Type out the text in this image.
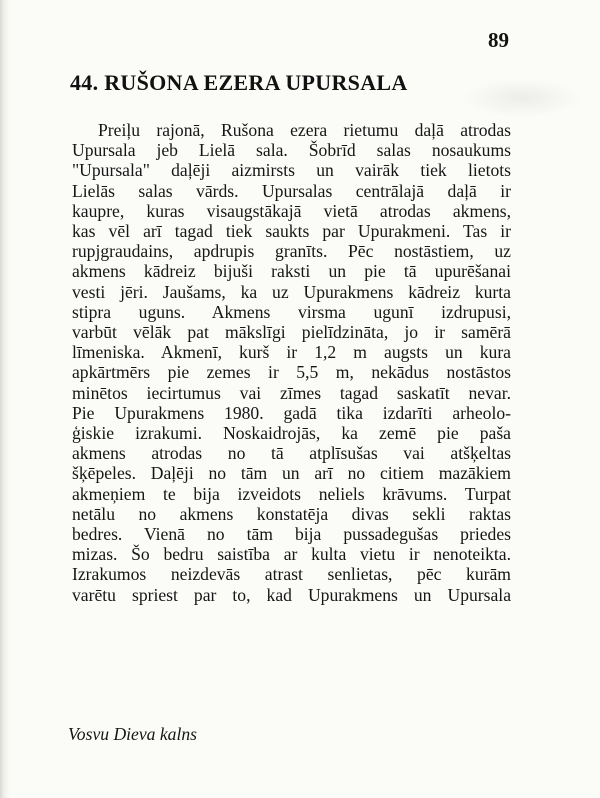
89
44. RUŠONA EZERA UPURSALA
Preiļu rajonā, Rušona ezera rietumu daļā atrodas
Upursala jeb Lielā sala. Šobrīd salas nosaukums
"Upursala" daļēji aizmirsts un vairāk tiek lietots
Lielās salas vārds. Upursalas centrālajā daļā ir
kaupre, kuras visaugstākajā vietā atrodas akmens,
kas vēl arī tagad tiek saukts par Upurakmeni. Tas ir
rupjgraudains, apdrupis granīts. Pēc nostāstiem, uz
akmens kādreiz bijuši raksti un pie tā upurēšanai
vesti jēri. Jaušams, ka uz Upurakmens kādreiz kurta
stipra uguns. Akmens virsma ugunī izdrupusi,
varbūt vēlāk pat mākslīgi pielīdzināta, jo ir samērā
līmeniska. Akmenī, kurš ir 1,2 m augsts un kura
apkārtmērs pie zemes ir 5,5 m, nekādus nostāstos
minētos iecirtumus vai zīmes tagad saskatīt nevar.
Pie Upurakmens 1980. gadā tika izdarīti arheolo-
ģiskie izrakumi. Noskaidrojās, ka zemē pie paša
akmens atrodas no tā atplīsušas vai atšķeltas
šķēpeles. Daļēji no tām un arī no citiem mazākiem
akmeņiem te bija izveidots neliels krāvums. Turpat
netālu no akmens konstatēja divas sekli raktas
bedres. Vienā no tām bija pussadegušas priedes
mizas. Šo bedru saistība ar kulta vietu ir nenoteikta.
Izrakumos neizdevās atrast senlietas, pēc kurām
varētu spriest par to, kad Upurakmens un Upursala

Vosvu Dieva kalns
